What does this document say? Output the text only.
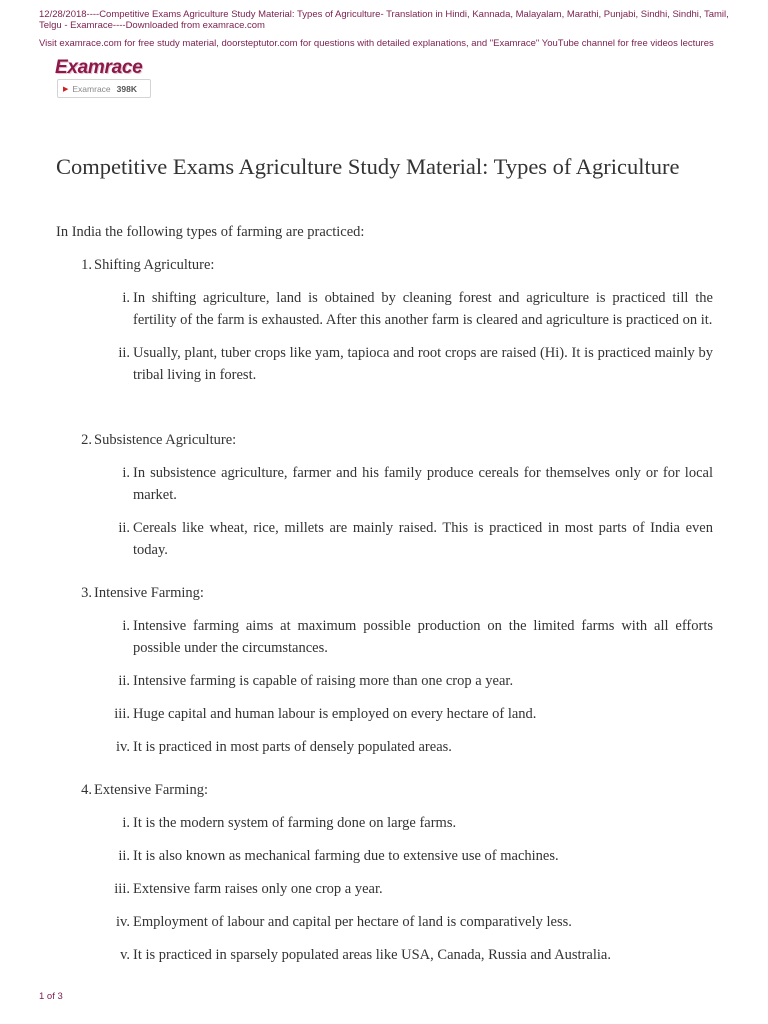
12/28/2018----Competitive Exams Agriculture Study Material: Types of Agriculture- Translation in Hindi, Kannada, Malayalam, Marathi, Punjabi, Sindhi, Sindhi, Tamil, Telgu - Examrace----Downloaded from examrace.com
Visit examrace.com for free study material, doorsteptutor.com for questions with detailed explanations, and "Examrace" YouTube channel for free videos lectures
Examrace
▶ Examrace 398K
Competitive Exams Agriculture Study Material: Types of Agriculture

In India the following types of farming are practiced:

1. Shifting Agriculture:
i. In shifting agriculture, land is obtained by cleaning forest and agriculture is practiced till the fertility of the farm is exhausted. After this another farm is cleared and agriculture is practiced on it.
ii. Usually, plant, tuber crops like yam, tapioca and root crops are raised (Hi). It is practiced mainly by tribal living in forest.
2. Subsistence Agriculture:
i. In subsistence agriculture, farmer and his family produce cereals for themselves only or for local market.
ii. Cereals like wheat, rice, millets are mainly raised. This is practiced in most parts of India even today.
3. Intensive Farming:
i. Intensive farming aims at maximum possible production on the limited farms with all efforts possible under the circumstances.
ii. Intensive farming is capable of raising more than one crop a year.
iii. Huge capital and human labour is employed on every hectare of land.
iv. It is practiced in most parts of densely populated areas.
4. Extensive Farming:
i. It is the modern system of farming done on large farms.
ii. It is also known as mechanical farming due to extensive use of machines.
iii. Extensive farm raises only one crop a year.
iv. Employment of labour and capital per hectare of land is comparatively less.
v. It is practiced in sparsely populated areas like USA, Canada, Russia and Australia.
1 of 3
